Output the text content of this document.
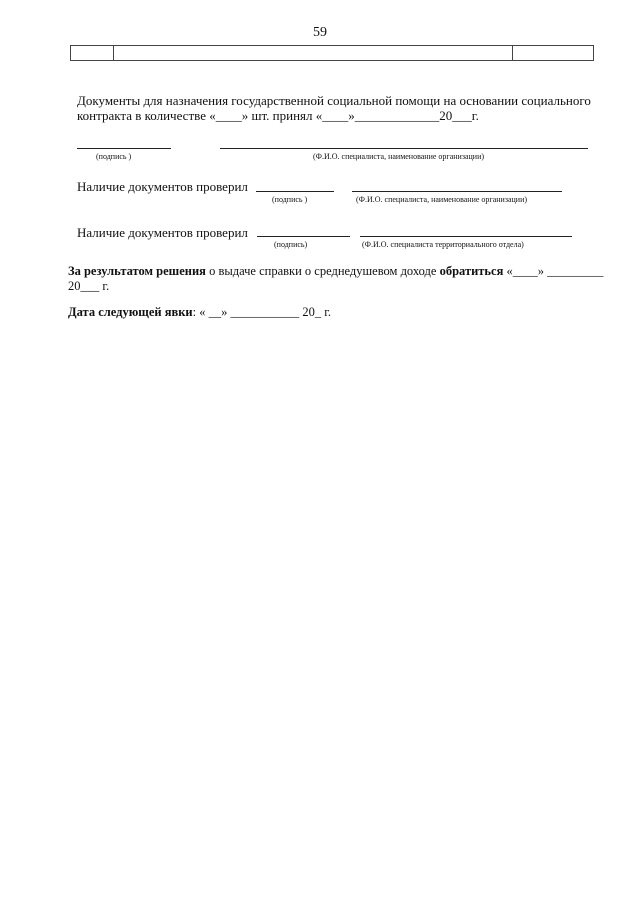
59
Документы для назначения государственной социальной помощи на основании социального
контракта в количестве «____» шт. принял «____»_____________20___г.
(подпись )	(Ф.И.О. специалиста, наименование организации)
Наличие документов проверил
(подпись )	(Ф.И.О. специалиста, наименование организации)
Наличие документов проверил
(подпись)	(Ф.И.О. специалиста территориального отдела)
За результатом решения о выдаче справки о среднедушевом доходе обратиться «____» _________
20___ г.
Дата следующей явки: « __» ___________ 20_ г.
